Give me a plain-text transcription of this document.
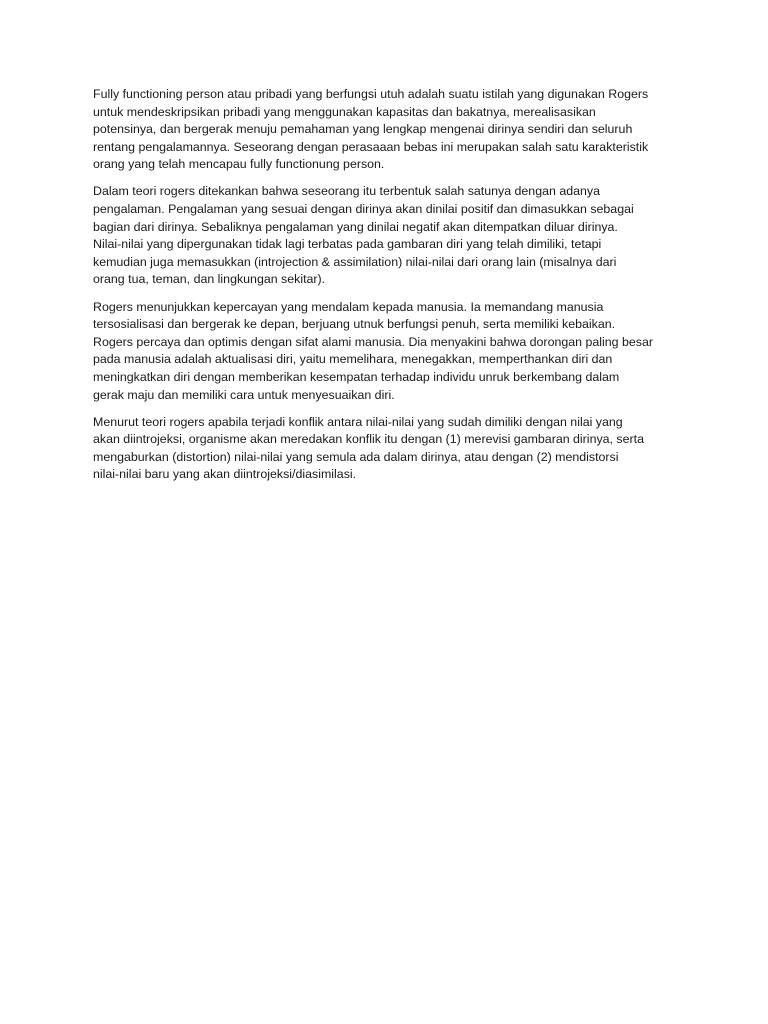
Fully functioning person atau pribadi yang berfungsi utuh adalah suatu istilah yang digunakan Rogers
untuk mendeskripsikan pribadi yang menggunakan kapasitas dan bakatnya, merealisasikan
potensinya, dan bergerak menuju pemahaman yang lengkap mengenai dirinya sendiri dan seluruh
rentang pengalamannya. Seseorang dengan perasaaan bebas ini merupakan salah satu karakteristik
orang yang telah mencapau fully functionung person.

Dalam teori rogers ditekankan bahwa seseorang itu terbentuk salah satunya dengan adanya
pengalaman. Pengalaman yang sesuai dengan dirinya akan dinilai positif dan dimasukkan sebagai
bagian dari dirinya. Sebaliknya pengalaman yang dinilai negatif akan ditempatkan diluar dirinya.
Nilai-nilai yang dipergunakan tidak lagi terbatas pada gambaran diri yang telah dimiliki, tetapi
kemudian juga memasukkan (introjection & assimilation) nilai-nilai dari orang lain (misalnya dari
orang tua, teman, dan lingkungan sekitar).

Rogers menunjukkan kepercayan yang mendalam kepada manusia. Ia memandang manusia
tersosialisasi dan bergerak ke depan, berjuang utnuk berfungsi penuh, serta memiliki kebaikan.
Rogers percaya dan optimis dengan sifat alami manusia. Dia menyakini bahwa dorongan paling besar
pada manusia adalah aktualisasi diri, yaitu memelihara, menegakkan, memperthankan diri dan
meningkatkan diri dengan memberikan kesempatan terhadap individu unruk berkembang dalam
gerak maju dan memiliki cara untuk menyesuaikan diri.

Menurut teori rogers apabila terjadi konflik antara nilai-nilai yang sudah dimiliki dengan nilai yang
akan diintrojeksi, organisme akan meredakan konflik itu dengan (1) merevisi gambaran dirinya, serta
mengaburkan (distortion) nilai-nilai yang semula ada dalam dirinya, atau dengan (2) mendistorsi
nilai-nilai baru yang akan diintrojeksi/diasimilasi.
